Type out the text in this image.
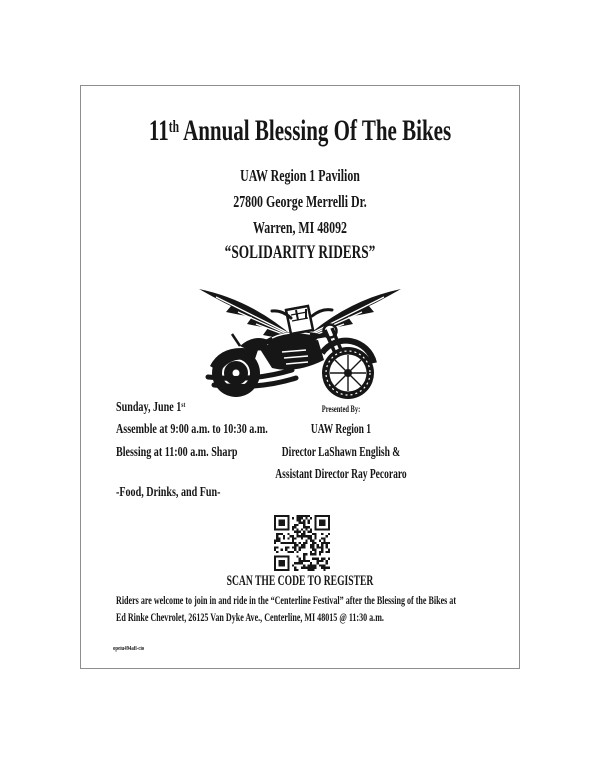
11th Annual Blessing Of The Bikes
UAW Region 1 Pavilion
27800 George Merrelli Dr.
Warren, MI 48092
“SOLIDARITY RIDERS”
Sunday, June 1st
Assemble at 9:00 a.m. to 10:30 a.m.
Blessing at 11:00 a.m. Sharp
-Food, Drinks, and Fun-
Presented By:
UAW Region 1
Director LaShawn English &
Assistant Director Ray Pecoraro
SCAN THE CODE TO REGISTER
Riders are welcome to join in and ride in the “Centerline Festival” after the Blessing of the Bikes at
Ed Rinke Chevrolet, 26125 Van Dyke Ave., Centerline, MI 48015 @ 11:30 a.m.
opeiu494afl-cio
